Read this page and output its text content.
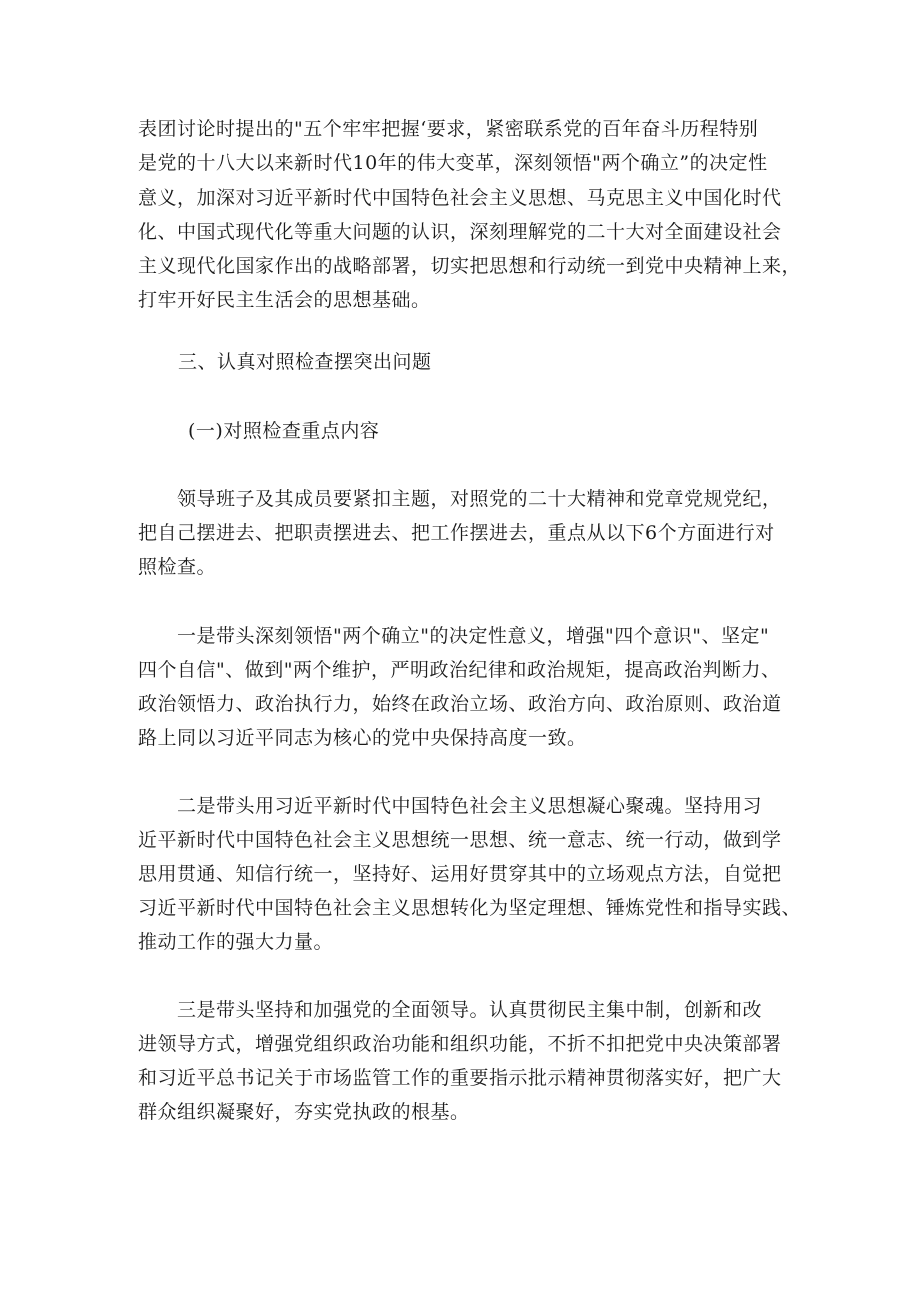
表团讨论时提出的"五个牢牢把握‘要求，紧密联系党的百年奋斗历程特别
是党的十八大以来新时代10年的伟大变革，深刻领悟"两个确立”的决定性
意义，加深对习近平新时代中国特色社会主义思想、马克思主义中国化时代
化、中国式现代化等重大问题的认识，深刻理解党的二十大对全面建设社会
主义现代化国家作出的战略部署，切实把思想和行动统一到党中央精神上来，
打牢开好民主生活会的思想基础。
三、认真对照检查摆突出问题
(一)对照检查重点内容
领导班子及其成员要紧扣主题，对照党的二十大精神和党章党规党纪，
把自己摆进去、把职责摆进去、把工作摆进去，重点从以下6个方面进行对
照检查。
一是带头深刻领悟"两个确立"的决定性意义，增强"四个意识"、坚定"
四个自信"、做到"两个维护，严明政治纪律和政治规矩，提高政治判断力、
政治领悟力、政治执行力，始终在政治立场、政治方向、政治原则、政治道
路上同以习近平同志为核心的党中央保持高度一致。
二是带头用习近平新时代中国特色社会主义思想凝心聚魂。坚持用习
近平新时代中国特色社会主义思想统一思想、统一意志、统一行动，做到学
思用贯通、知信行统一，坚持好、运用好贯穿其中的立场观点方法，自觉把
习近平新时代中国特色社会主义思想转化为坚定理想、锤炼党性和指导实践、
推动工作的强大力量。
三是带头坚持和加强党的全面领导。认真贯彻民主集中制，创新和改
进领导方式，增强党组织政治功能和组织功能，不折不扣把党中央决策部署
和习近平总书记关于市场监管工作的重要指示批示精神贯彻落实好，把广大
群众组织凝聚好，夯实党执政的根基。
